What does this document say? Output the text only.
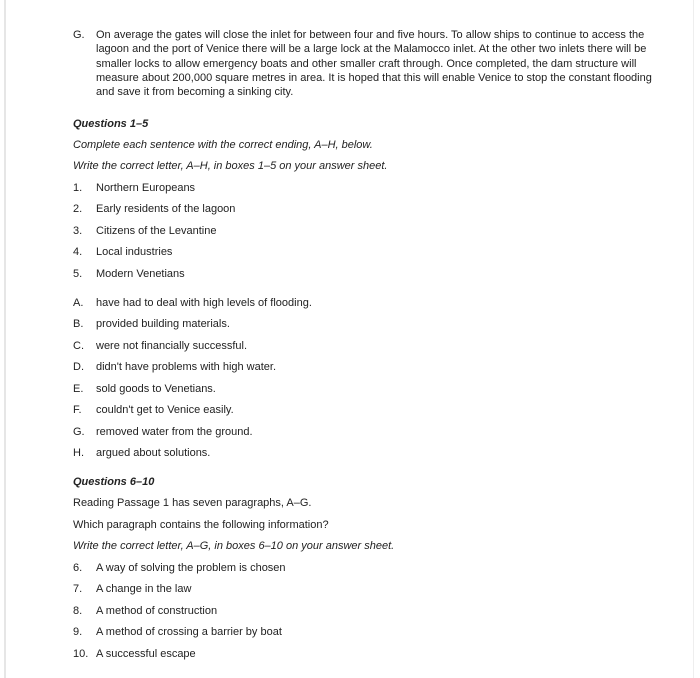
G. On average the gates will close the inlet for between four and five hours. To allow ships to continue to access the lagoon and the port of Venice there will be a large lock at the Malamocco inlet. At the other two inlets there will be smaller locks to allow emergency boats and other smaller craft through. Once completed, the dam structure will measure about 200,000 square metres in area. It is hoped that this will enable Venice to stop the constant flooding and save it from becoming a sinking city.
Questions 1–5
Complete each sentence with the correct ending, A–H, below.
Write the correct letter, A–H, in boxes 1–5 on your answer sheet.
1. Northern Europeans
2. Early residents of the lagoon
3. Citizens of the Levantine
4. Local industries
5. Modern Venetians
A. have had to deal with high levels of flooding.
B. provided building materials.
C. were not financially successful.
D. didn't have problems with high water.
E. sold goods to Venetians.
F. couldn't get to Venice easily.
G. removed water from the ground.
H. argued about solutions.
Questions 6–10
Reading Passage 1 has seven paragraphs, A–G.
Which paragraph contains the following information?
Write the correct letter, A–G, in boxes 6–10 on your answer sheet.
6. A way of solving the problem is chosen
7. A change in the law
8. A method of construction
9. A method of crossing a barrier by boat
10. A successful escape
